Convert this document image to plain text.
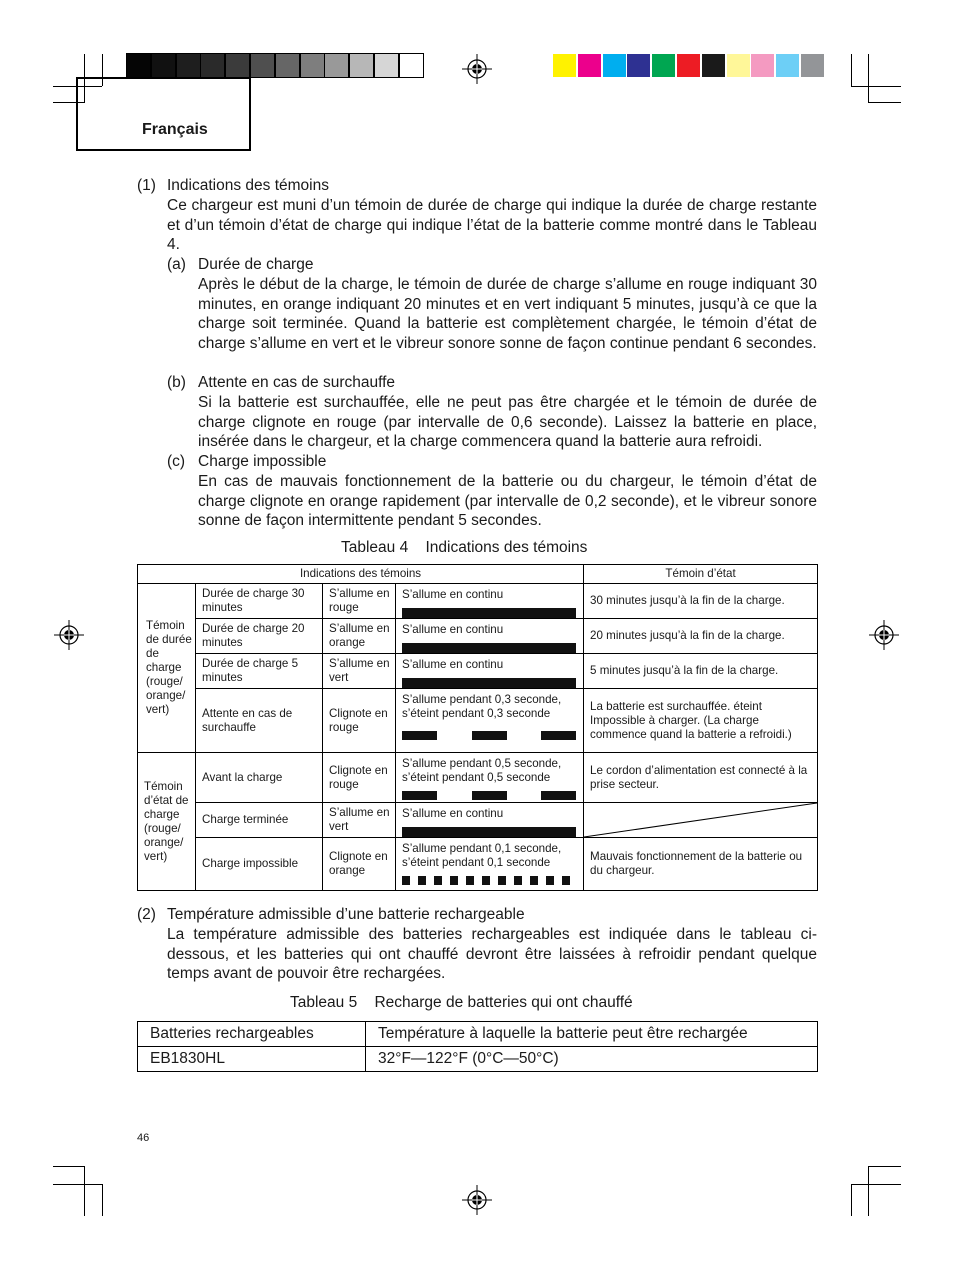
Français
(1) Indications des témoins
Ce chargeur est muni d’un témoin de durée de charge qui indique la durée de charge restante et d’un témoin d’état de charge qui indique l’état de la batterie comme montré dans le Tableau 4.
(a) Durée de charge
Après le début de la charge, le témoin de durée de charge s’allume en rouge indiquant 30 minutes, en orange indiquant 20 minutes et en vert indiquant 5 minutes, jusqu’à ce que la charge soit terminée. Quand la batterie est complètement chargée, le témoin d’état de charge s’allume en vert et le vibreur sonore sonne de façon continue pendant 6 secondes.
(b) Attente en cas de surchauffe
Si la batterie est surchauffée, elle ne peut pas être chargée et le témoin de durée de charge clignote en rouge (par intervalle de 0,6 seconde). Laissez la batterie en place, insérée dans le chargeur, et la charge commencera quand la batterie aura refroidi.
(c) Charge impossible
En cas de mauvais fonctionnement de la batterie ou du chargeur, le témoin d’état de charge clignote en orange rapidement (par intervalle de 0,2 seconde), et le vibreur sonore sonne de façon intermittente pendant 5 secondes.
Tableau 4    Indications des témoins
Indications des témoins				Témoin d’état
Témoin de durée de charge (rouge/ orange/ vert)	Durée de charge 30 minutes	S’allume en rouge	S’allume en continu	30 minutes jusqu’à la fin de la charge.
	Durée de charge 20 minutes	S’allume en orange	S’allume en continu	20 minutes jusqu’à la fin de la charge.
	Durée de charge 5 minutes	S’allume en vert	S’allume en continu	5 minutes jusqu’à la fin de la charge.
	Attente en cas de surchauffe	Clignote en rouge	S’allume pendant 0,3 seconde, s’éteint pendant 0,3 seconde	La batterie est surchauffée. éteint Impossible à charger. (La charge commence quand la batterie a refroidi.)
Témoin d’état de charge (rouge/ orange/ vert)	Avant la charge	Clignote en rouge	S’allume pendant 0,5 seconde, s’éteint pendant 0,5 seconde	Le cordon d’alimentation est connecté à la prise secteur.
	Charge terminée	S’allume en vert	S’allume en continu

	Charge impossible	Clignote en orange	S’allume pendant 0,1 seconde, s’éteint pendant 0,1 seconde	Mauvais fonctionnement de la batterie ou du chargeur.
(2) Température admissible d’une batterie rechargeable
La température admissible des batteries rechargeables est indiquée dans le tableau ci-dessous, et les batteries qui ont chauffé devront être laissées à refroidir pendant quelque temps avant de pouvoir être rechargées.
Tableau 5    Recharge de batteries qui ont chauffé
Batteries rechargeables	Température à laquelle la batterie peut être rechargée
EB1830HL	32°F—122°F (0°C—50°C)
46
